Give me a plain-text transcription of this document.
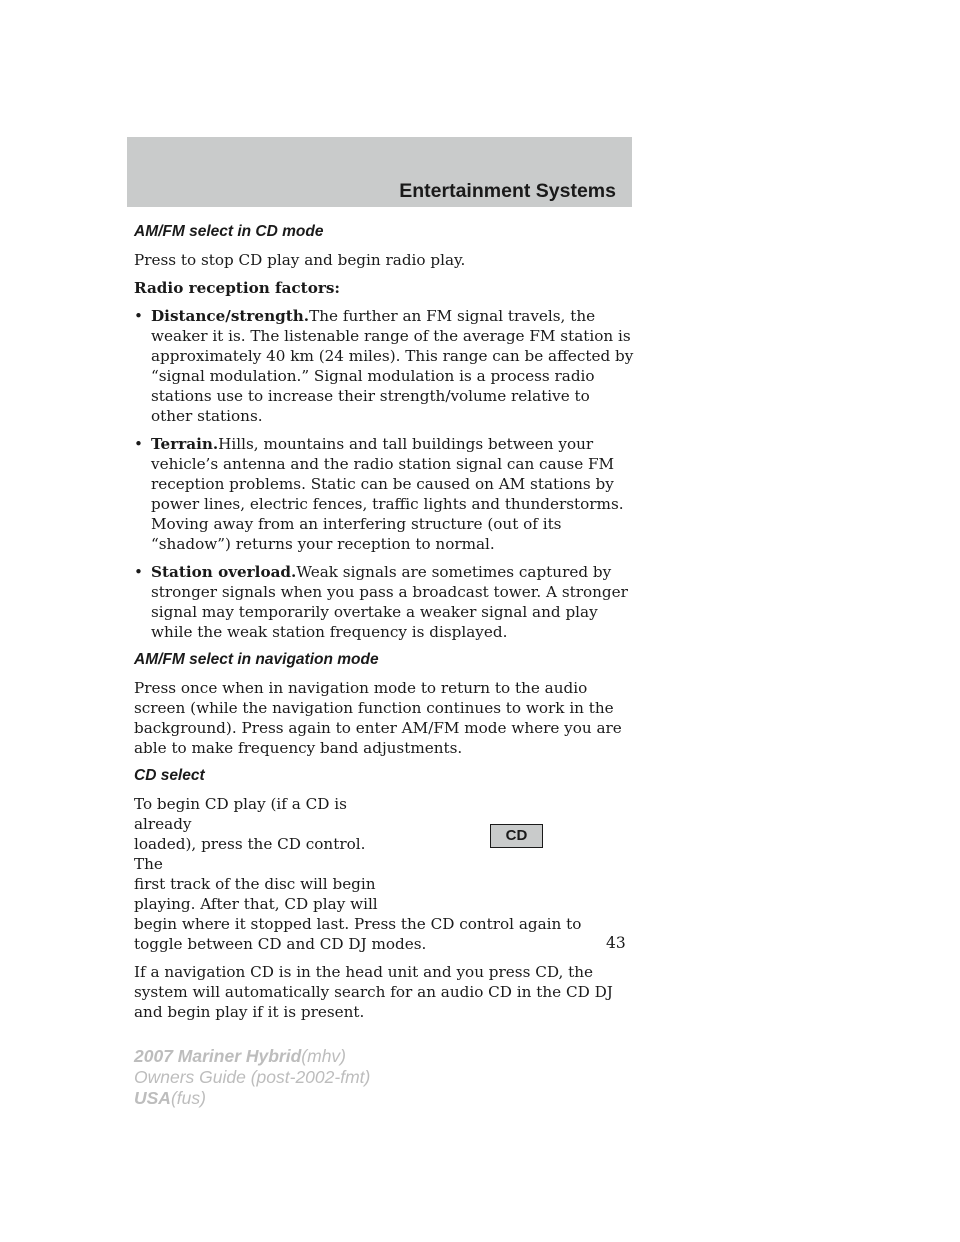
Entertainment Systems
AM/FM select in CD mode

Press to stop CD play and begin radio play.

Radio reception factors:

• Distance/strength.The further an FM signal travels, the weaker it is. The listenable range of the average FM station is approximately 40 km (24 miles). This range can be affected by “signal modulation.” Signal modulation is a process radio stations use to increase their strength/volume relative to other stations.
• Terrain.Hills, mountains and tall buildings between your vehicle’s antenna and the radio station signal can cause FM reception problems. Static can be caused on AM stations by power lines, electric fences, traffic lights and thunderstorms. Moving away from an interfering structure (out of its “shadow”) returns your reception to normal.
• Station overload.Weak signals are sometimes captured by stronger signals when you pass a broadcast tower. A stronger signal may temporarily overtake a weaker signal and play while the weak station frequency is displayed.
AM/FM select in navigation mode

Press once when in navigation mode to return to the audio screen (while the navigation function continues to work in the background). Press again to enter AM/FM mode where you are able to make frequency band adjustments.

CD select
To begin CD play (if a CD is already
loaded), press the CD control. The
first track of the disc will begin
playing. After that, CD play will

begin where it stopped last. Press the CD control again to toggle between CD and CD DJ modes.

CD

If a navigation CD is in the head unit and you press CD, the system will automatically search for an audio CD in the CD DJ and begin play if it is present.

43
2007 Mariner Hybrid(mhv)
Owners Guide (post-2002-fmt)
USA(fus)
